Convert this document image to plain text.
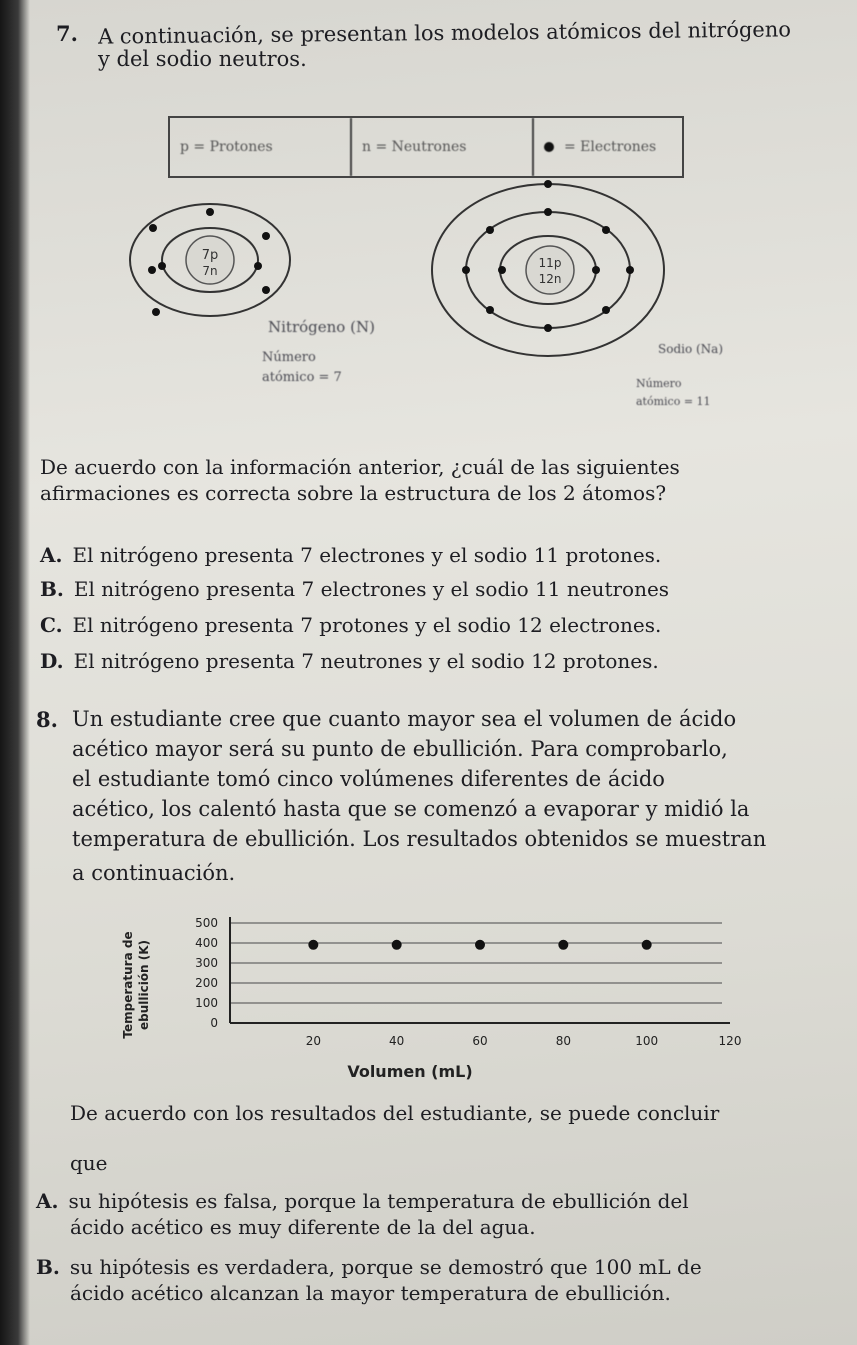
7. A continuación, se presentan los modelos atómicos del nitrógeno
y del sodio neutros.
p = Protones	n = Neutrones	= Electrones
7p
7n
11p
12n
Nitrógeno (N)
Número
atómico = 7
Sodio (Na)
Número
atómico = 11
De acuerdo con la información anterior, ¿cuál de las siguientes
afirmaciones es correcta sobre la estructura de los 2 átomos?
A. El nitrógeno presenta 7 electrones y el sodio 11 protones.
B. El nitrógeno presenta 7 electrones y el sodio 11 neutrones
C. El nitrógeno presenta 7 protones y el sodio 12 electrones.
D. El nitrógeno presenta 7 neutrones y el sodio 12 protones.
8. Un estudiante cree que cuanto mayor sea el volumen de ácido
acético mayor será su punto de ebullición. Para comprobarlo,
el estudiante tomó cinco volúmenes diferentes de ácido
acético, los calentó hasta que se comenzó a evaporar y midió la
temperatura de ebullición. Los resultados obtenidos se muestran
a continuación.
0
100
200
300
400
500
20	40	60	80	100	120
Volumen (mL)
Temperatura de ebullición (K)
De acuerdo con los resultados del estudiante, se puede concluir
que
A. su hipótesis es falsa, porque la temperatura de ebullición del
ácido acético es muy diferente de la del agua.
B. su hipótesis es verdadera, porque se demostró que 100 mL de
ácido acético alcanzan la mayor temperatura de ebullición.
